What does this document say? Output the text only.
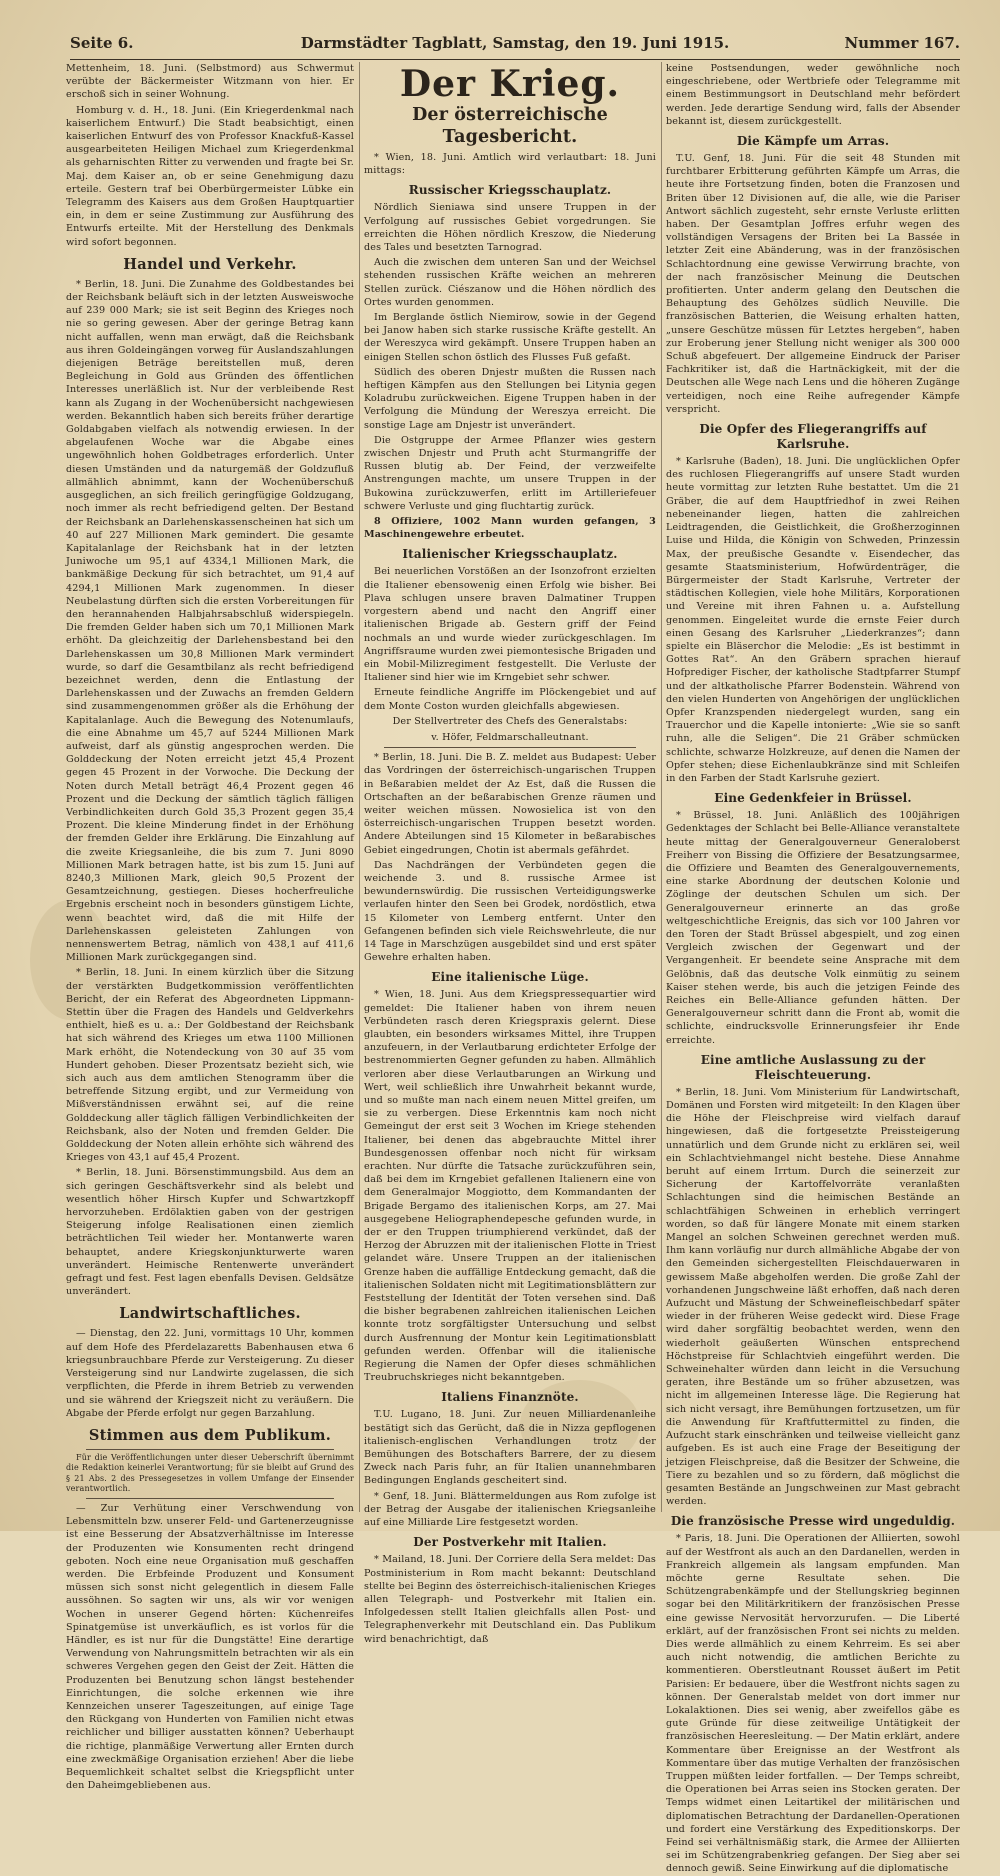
Darmstädter Tagblatt, Samstag, den 19. Juni 1915.
Seite 6.	Nummer 167.

Mettenheim, 18. Juni. (Selbstmord) aus Schwermut verübte der Bäckermeister Witzmann von hier. Er erschoß sich in seiner Wohnung.

Homburg v. d. H., 18. Juni. (Ein Kriegerdenkmal nach kaiserlichem Entwurf.) Die Stadt beabsichtigt, einen kaiserlichen Entwurf des von Professor Knackfuß-Kassel ausgearbeiteten Heiligen Michael zum Kriegerdenkmal als geharnischten Ritter zu verwenden und fragte bei Sr. Maj. dem Kaiser an, ob er seine Genehmigung dazu erteile. Gestern traf bei Oberbürgermeister Lübke ein Telegramm des Kaisers aus dem Großen Hauptquartier ein, in dem er seine Zustimmung zur Ausführung des Entwurfs erteilte. Mit der Herstellung des Denkmals wird sofort begonnen.

Handel und Verkehr.

* Berlin, 18. Juni. Die Zunahme des Goldbestandes bei der Reichsbank beläuft sich in der letzten Ausweiswoche auf 239 000 Mark; sie ist seit Beginn des Krieges noch nie so gering gewesen. Aber der geringe Betrag kann nicht auffallen, wenn man erwägt, daß die Reichsbank aus ihren Goldeingängen vorweg für Auslandszahlungen diejenigen Beträge bereitstellen muß, deren Begleichung in Gold aus Gründen des öffentlichen Interesses unerläßlich ist. Nur der verbleibende Rest kann als Zugang in der Wochenübersicht nachgewiesen werden. Bekanntlich haben sich bereits früher derartige Goldabgaben vielfach als notwendig erwiesen. In der abgelaufenen Woche war die Abgabe eines ungewöhnlich hohen Goldbetrages erforderlich. Unter diesen Umständen und da naturgemäß der Goldzufluß allmählich abnimmt, kann der Wochenüberschuß ausgeglichen, an sich freilich geringfügige Goldzugang, noch immer als recht befriedigend gelten. Der Bestand der Reichsbank an Darlehenskassenscheinen hat sich um 40 auf 227 Millionen Mark gemindert. Die gesamte Kapitalanlage der Reichsbank hat in der letzten Juniwoche um 95,1 auf 4334,1 Millionen Mark, die bankmäßige Deckung für sich betrachtet, um 91,4 auf 4294,1 Millionen Mark zugenommen. In dieser Neubelastung dürften sich die ersten Vorbereitungen für den herannahenden Halbjahrsabschluß widerspiegeln. Die fremden Gelder haben sich um 70,1 Millionen Mark erhöht. Da gleichzeitig der Darlehensbestand bei den Darlehenskassen um 30,8 Millionen Mark vermindert wurde, so darf die Gesamtbilanz als recht befriedigend bezeichnet werden, denn die Entlastung der Darlehenskassen und der Zuwachs an fremden Geldern sind zusammengenommen größer als die Erhöhung der Kapitalanlage. Auch die Bewegung des Notenumlaufs, die eine Abnahme um 45,7 auf 5244 Millionen Mark aufweist, darf als günstig angesprochen werden. Die Golddeckung der Noten erreicht jetzt 45,4 Prozent gegen 45 Prozent in der Vorwoche. Die Deckung der Noten durch Metall beträgt 46,4 Prozent gegen 46 Prozent und die Deckung der sämtlich täglich fälligen Verbindlichkeiten durch Gold 35,3 Prozent gegen 35,4 Prozent. Die kleine Minderung findet in der Erhöhung der fremden Gelder ihre Erklärung. Die Einzahlung auf die zweite Kriegsanleihe, die bis zum 7. Juni 8090 Millionen Mark betragen hatte, ist bis zum 15. Juni auf 8240,3 Millionen Mark, gleich 90,5 Prozent der Gesamtzeichnung, gestiegen. Dieses hocherfreuliche Ergebnis erscheint noch in besonders günstigem Lichte, wenn beachtet wird, daß die mit Hilfe der Darlehenskassen geleisteten Zahlungen von nennenswertem Betrag, nämlich von 438,1 auf 411,6 Millionen Mark zurückgegangen sind.

* Berlin, 18. Juni. In einem kürzlich über die Sitzung der verstärkten Budgetkommission veröffentlichten Bericht, der ein Referat des Abgeordneten Lippmann-Stettin über die Fragen des Handels und Geldverkehrs enthielt, hieß es u. a.: Der Goldbestand der Reichsbank hat sich während des Krieges um etwa 1100 Millionen Mark erhöht, die Notendeckung von 30 auf 35 vom Hundert gehoben. Dieser Prozentsatz bezieht sich, wie sich auch aus dem amtlichen Stenogramm über die betreffende Sitzung ergibt, und zur Vermeidung von Mißverständnissen erwähnt sei, auf die reine Golddeckung aller täglich fälligen Verbindlichkeiten der Reichsbank, also der Noten und fremden Gelder. Die Golddeckung der Noten allein erhöhte sich während des Krieges von 43,1 auf 45,4 Prozent.

* Berlin, 18. Juni. Börsenstimmungsbild. Aus dem an sich geringen Geschäftsverkehr sind als belebt und wesentlich höher Hirsch Kupfer und Schwartzkopff hervorzuheben. Erdölaktien gaben von der gestrigen Steigerung infolge Realisationen einen ziemlich beträchtlichen Teil wieder her. Montanwerte waren behauptet, andere Kriegskonjunkturwerte waren unverändert. Heimische Rentenwerte unverändert gefragt und fest. Fest lagen ebenfalls Devisen. Geldsätze unverändert.

Landwirtschaftliches.

— Dienstag, den 22. Juni, vormittags 10 Uhr, kommen auf dem Hofe des Pferdelazaretts Babenhausen etwa 6 kriegsunbrauchbare Pferde zur Versteigerung. Zu dieser Versteigerung sind nur Landwirte zugelassen, die sich verpflichten, die Pferde in ihrem Betrieb zu verwenden und sie während der Kriegszeit nicht zu veräußern. Die Abgabe der Pferde erfolgt nur gegen Barzahlung.

Stimmen aus dem Publikum.

Für die Veröffentlichungen unter dieser Ueberschrift übernimmt die Redaktion keinerlei Verantwortung; für sie bleibt auf Grund des § 21 Abs. 2 des Pressegesetzes in vollem Umfange der Einsender verantwortlich.

— Zur Verhütung einer Verschwendung von Lebensmitteln bzw. unserer Feld- und Gartenerzeugnisse ist eine Besserung der Absatzverhältnisse im Interesse der Produzenten wie Konsumenten recht dringend geboten. Noch eine neue Organisation muß geschaffen werden. Die Erbfeinde Produzent und Konsument müssen sich sonst nicht gelegentlich in diesem Falle aussöhnen. So sagten wir uns, als wir vor wenigen Wochen in unserer Gegend hörten: Küchenreifes Spinatgemüse ist unverkäuflich, es ist vorlos für die Händler, es ist nur für die Dungstätte! Eine derartige Verwendung von Nahrungsmitteln betrachten wir als ein schweres Vergehen gegen den Geist der Zeit. Hätten die Produzenten bei Benutzung schon längst bestehender Einrichtungen, die solche erkennen wie ihre Kennzeichen unserer Tageszeitungen, auf einige Tage den Rückgang von Hunderten von Familien nicht etwas reichlicher und billiger ausstatten können? Ueberhaupt die richtige, planmäßige Verwertung aller Ernten durch eine zweckmäßige Organisation erziehen! Aber die liebe Bequemlichkeit schaltet selbst die Kriegspflicht unter den Daheimgebliebenen aus.

Der Krieg.
Der österreichische Tagesbericht.

* Wien, 18. Juni. Amtlich wird verlautbart: 18. Juni mittags:

Russischer Kriegsschauplatz.

Nördlich Sieniawa sind unsere Truppen in der Verfolgung auf russisches Gebiet vorgedrungen. Sie erreichten die Höhen nördlich Kreszow, die Niederung des Tales und besetzten Tarnograd.

Auch die zwischen dem unteren San und der Weichsel stehenden russischen Kräfte weichen an mehreren Stellen zurück. Ciészanow und die Höhen nördlich des Ortes wurden genommen.

Im Berglande östlich Niemirow, sowie in der Gegend bei Janow haben sich starke russische Kräfte gestellt. An der Wereszyca wird gekämpft. Unsere Truppen haben an einigen Stellen schon östlich des Flusses Fuß gefaßt.

Südlich des oberen Dnjestr mußten die Russen nach heftigen Kämpfen aus den Stellungen bei Litynia gegen Koladrubu zurückweichen. Eigene Truppen haben in der Verfolgung die Mündung der Wereszya erreicht. Die sonstige Lage am Dnjestr ist unverändert.

Die Ostgruppe der Armee Pflanzer wies gestern zwischen Dnjestr und Pruth acht Sturmangriffe der Russen blutig ab. Der Feind, der verzweifelte Anstrengungen machte, um unsere Truppen in der Bukowina zurückzuwerfen, erlitt im Artilleriefeuer schwere Verluste und ging fluchtartig zurück.

8 Offiziere, 1002 Mann wurden gefangen, 3 Maschinengewehre erbeutet.

Italienischer Kriegsschauplatz.

Bei neuerlichen Vorstößen an der Isonzofront erzielten die Italiener ebensowenig einen Erfolg wie bisher. Bei Plava schlugen unsere braven Dalmatiner Truppen vorgestern abend und nacht den Angriff einer italienischen Brigade ab. Gestern griff der Feind nochmals an und wurde wieder zurückgeschlagen. Im Angriffsraume wurden zwei piemontesische Brigaden und ein Mobil-Milizregiment festgestellt. Die Verluste der Italiener sind hier wie im Krngebiet sehr schwer.

Erneute feindliche Angriffe im Plöckengebiet und auf dem Monte Coston wurden gleichfalls abgewiesen.

Der Stellvertreter des Chefs des Generalstabs:
v. Höfer, Feldmarschalleutnant.

* Berlin, 18. Juni. Die B. Z. meldet aus Budapest: Ueber das Vordringen der österreichisch-ungarischen Truppen in Beßarabien meldet der Az Est, daß die Russen die Ortschaften an der beßarabischen Grenze räumen und weiter weichen müssen. Nowosielica ist von den österreichisch-ungarischen Truppen besetzt worden. Andere Abteilungen sind 15 Kilometer in beßarabisches Gebiet eingedrungen, Chotin ist abermals gefährdet.

Das Nachdrängen der Verbündeten gegen die weichende 3. und 8. russische Armee ist bewundernswürdig. Die russischen Verteidigungswerke verlaufen hinter den Seen bei Grodek, nordöstlich, etwa 15 Kilometer von Lemberg entfernt. Unter den Gefangenen befinden sich viele Reichswehrleute, die nur 14 Tage in Marschzügen ausgebildet sind und erst später Gewehre erhalten haben.

Eine italienische Lüge.

* Wien, 18. Juni. Aus dem Kriegspressequartier wird gemeldet: Die Italiener haben von ihrem neuen Verbündeten rasch deren Kriegspraxis gelernt. Diese glaubten, ein besonders wirksames Mittel, ihre Truppen anzufeuern, in der Verlautbarung erdichteter Erfolge der bestrenommierten Gegner gefunden zu haben. Allmählich verloren aber diese Verlautbarungen an Wirkung und Wert, weil schließlich ihre Unwahrheit bekannt wurde, und so mußte man nach einem neuen Mittel greifen, um sie zu verbergen. Diese Erkenntnis kam noch nicht Gemeingut der erst seit 3 Wochen im Kriege stehenden Italiener, bei denen das abgebrauchte Mittel ihrer Bundesgenossen offenbar noch nicht für wirksam erachten. Nur dürfte die Tatsache zurückzuführen sein, daß bei dem im Krngebiet gefallenen Italienern eine von dem Generalmajor Moggiotto, dem Kommandanten der Brigade Bergamo des italienischen Korps, am 27. Mai ausgegebene Heliographendepesche gefunden wurde, in der er den Truppen triumphierend verkündet, daß der Herzog der Abruzzen mit der italienischen Flotte in Triest gelandet wäre. Unsere Truppen an der italienischen Grenze haben die auffällige Entdeckung gemacht, daß die italienischen Soldaten nicht mit Legitimationsblättern zur Feststellung der Identität der Toten versehen sind. Daß die bisher begrabenen zahlreichen italienischen Leichen konnte trotz sorgfältigster Untersuchung und selbst durch Ausfrennung der Montur kein Legitimationsblatt gefunden werden. Offenbar will die italienische Regierung die Namen der Opfer dieses schmählichen Treubruchskrieges nicht bekanntgeben.

Italiens Finanznöte.

T.U. Lugano, 18. Juni. Zur neuen Milliardenanleihe bestätigt sich das Gerücht, daß die in Nizza gepflogenen italienisch-englischen Verhandlungen trotz der Bemühungen des Botschafters Barrere, der zu diesem Zweck nach Paris fuhr, an für Italien unannehmbaren Bedingungen Englands gescheitert sind.

* Genf, 18. Juni. Blättermeldungen aus Rom zufolge ist der Betrag der Ausgabe der italienischen Kriegsanleihe auf eine Milliarde Lire festgesetzt worden.

Der Postverkehr mit Italien.

* Mailand, 18. Juni. Der Corriere della Sera meldet: Das Postministerium in Rom macht bekannt: Deutschland stellte bei Beginn des österreichisch-italienischen Krieges allen Telegraph- und Postverkehr mit Italien ein. Infolgedessen stellt Italien gleichfalls allen Post- und Telegraphenverkehr mit Deutschland ein. Das Publikum wird benachrichtigt, daß

keine Postsendungen, weder gewöhnliche noch eingeschriebene, oder Wertbriefe oder Telegramme mit einem Bestimmungsort in Deutschland mehr befördert werden. Jede derartige Sendung wird, falls der Absender bekannt ist, diesem zurückgestellt.

Die Kämpfe um Arras.

T.U. Genf, 18. Juni. Für die seit 48 Stunden mit furchtbarer Erbitterung geführten Kämpfe um Arras, die heute ihre Fortsetzung finden, boten die Franzosen und Briten über 12 Divisionen auf, die alle, wie die Pariser Antwort sächlich zugesteht, sehr ernste Verluste erlitten haben. Der Gesamtplan Joffres erfuhr wegen des vollständigen Versagens der Briten bei La Bassée in letzter Zeit eine Abänderung, was in der französischen Schlachtordnung eine gewisse Verwirrung brachte, von der nach französischer Meinung die Deutschen profitierten. Unter anderm gelang den Deutschen die Behauptung des Gehölzes südlich Neuville. Die französischen Batterien, die Weisung erhalten hatten, „unsere Geschütze müssen für Letztes hergeben“, haben zur Eroberung jener Stellung nicht weniger als 300 000 Schuß abgefeuert. Der allgemeine Eindruck der Pariser Fachkritiker ist, daß die Hartnäckigkeit, mit der die Deutschen alle Wege nach Lens und die höheren Zugänge verteidigen, noch eine Reihe aufregender Kämpfe verspricht.

Die Opfer des Fliegerangriffs auf Karlsruhe.

* Karlsruhe (Baden), 18. Juni. Die unglücklichen Opfer des ruchlosen Fliegerangriffs auf unsere Stadt wurden heute vormittag zur letzten Ruhe bestattet. Um die 21 Gräber, die auf dem Hauptfriedhof in zwei Reihen nebeneinander liegen, hatten die zahlreichen Leidtragenden, die Geistlichkeit, die Großherzoginnen Luise und Hilda, die Königin von Schweden, Prinzessin Max, der preußische Gesandte v. Eisendecher, das gesamte Staatsministerium, Hofwürdenträger, die Bürgermeister der Stadt Karlsruhe, Vertreter der städtischen Kollegien, viele hohe Militärs, Korporationen und Vereine mit ihren Fahnen u. a. Aufstellung genommen. Eingeleitet wurde die ernste Feier durch einen Gesang des Karlsruher „Liederkranzes“; dann spielte ein Bläserchor die Melodie: „Es ist bestimmt in Gottes Rat“. An den Gräbern sprachen hierauf Hofprediger Fischer, der katholische Stadtpfarrer Stumpf und der altkatholische Pfarrer Bodenstein. Während von den vielen Hunderten von Angehörigen der unglücklichen Opfer Kranzspenden niedergelegt wurden, sang ein Trauerchor und die Kapelle intonierte: „Wie sie so sanft ruhn, alle die Seligen“. Die 21 Gräber schmücken schlichte, schwarze Holzkreuze, auf denen die Namen der Opfer stehen; diese Eichenlaubkränze sind mit Schleifen in den Farben der Stadt Karlsruhe geziert.

Eine Gedenkfeier in Brüssel.

* Brüssel, 18. Juni. Anläßlich des 100jährigen Gedenktages der Schlacht bei Belle-Alliance veranstaltete heute mittag der Generalgouverneur Generaloberst Freiherr von Bissing die Offiziere der Besatzungsarmee, die Offiziere und Beamten des Generalgouvernements, eine starke Abordnung der deutschen Kolonie und Zöglinge der deutschen Schulen um sich. Der Generalgouverneur erinnerte an das große weltgeschichtliche Ereignis, das sich vor 100 Jahren vor den Toren der Stadt Brüssel abgespielt, und zog einen Vergleich zwischen der Gegenwart und der Vergangenheit. Er beendete seine Ansprache mit dem Gelöbnis, daß das deutsche Volk einmütig zu seinem Kaiser stehen werde, bis auch die jetzigen Feinde des Reiches ein Belle-Alliance gefunden hätten. Der Generalgouverneur schritt dann die Front ab, womit die schlichte, eindrucksvolle Erinnerungsfeier ihr Ende erreichte.

Eine amtliche Auslassung zu der Fleischteuerung.

* Berlin, 18. Juni. Vom Ministerium für Landwirtschaft, Domänen und Forsten wird mitgeteilt: In den Klagen über die Höhe der Fleischpreise wird vielfach darauf hingewiesen, daß die fortgesetzte Preissteigerung unnatürlich und dem Grunde nicht zu erklären sei, weil ein Schlachtviehmangel nicht bestehe. Diese Annahme beruht auf einem Irrtum. Durch die seinerzeit zur Sicherung der Kartoffelvorräte veranlaßten Schlachtungen sind die heimischen Bestände an schlachtfähigen Schweinen in erheblich verringert worden, so daß für längere Monate mit einem starken Mangel an solchen Schweinen gerechnet werden muß. Ihm kann vorläufig nur durch allmähliche Abgabe der von den Gemeinden sichergestellten Fleischdauerwaren in gewissem Maße abgeholfen werden. Die große Zahl der vorhandenen Jungschweine läßt erhoffen, daß nach deren Aufzucht und Mästung der Schweinefleischbedarf später wieder in der früheren Weise gedeckt wird. Diese Frage wird daher sorgfältig beobachtet werden, wenn den wiederholt geäußerten Wünschen entsprechend Höchstpreise für Schlachtvieh eingeführt werden. Die Schweinehalter würden dann leicht in die Versuchung geraten, ihre Bestände um so früher abzusetzen, was nicht im allgemeinen Interesse läge. Die Regierung hat sich nicht versagt, ihre Bemühungen fortzusetzen, um für die Anwendung für Kraftfuttermittel zu finden, die Aufzucht stark einschränken und teilweise vielleicht ganz aufgeben. Es ist auch eine Frage der Beseitigung der jetzigen Fleischpreise, daß die Besitzer der Schweine, die Tiere zu bezahlen und so zu fördern, daß möglichst die gesamten Bestände an Jungschweinen zur Mast gebracht werden.

Die französische Presse wird ungeduldig.

* Paris, 18. Juni. Die Operationen der Alliierten, sowohl auf der Westfront als auch an den Dardanellen, werden in Frankreich allgemein als langsam empfunden. Man möchte gerne Resultate sehen. Die Schützengrabenkämpfe und der Stellungskrieg beginnen sogar bei den Militärkritikern der französischen Presse eine gewisse Nervosität hervorzurufen. — Die Liberté erklärt, auf der französischen Front sei nichts zu melden. Dies werde allmählich zu einem Kehrreim. Es sei aber auch nicht notwendig, die amtlichen Berichte zu kommentieren. Oberstleutnant Rousset äußert im Petit Parisien: Er bedauere, über die Westfront nichts sagen zu können. Der Generalstab meldet von dort immer nur Lokalaktionen. Dies sei wenig, aber zweifellos gäbe es gute Gründe für diese zeitweilige Untätigkeit der französischen Heeresleitung. — Der Matin erklärt, andere Kommentare über Ereignisse an der Westfront als Kommentare über das mutige Verhalten der französischen Truppen müßten leider fortfallen. — Der Temps schreibt, die Operationen bei Arras seien ins Stocken geraten. Der Temps widmet einen Leitartikel der militärischen und diplomatischen Betrachtung der Dardanellen-Operationen und fordert eine Verstärkung des Expeditionskorps. Der Feind sei verhältnismäßig stark, die Armee der Alliierten sei im Schützengrabenkrieg gefangen. Der Sieg aber sei dennoch gewiß. Seine Einwirkung auf die diplomatische
